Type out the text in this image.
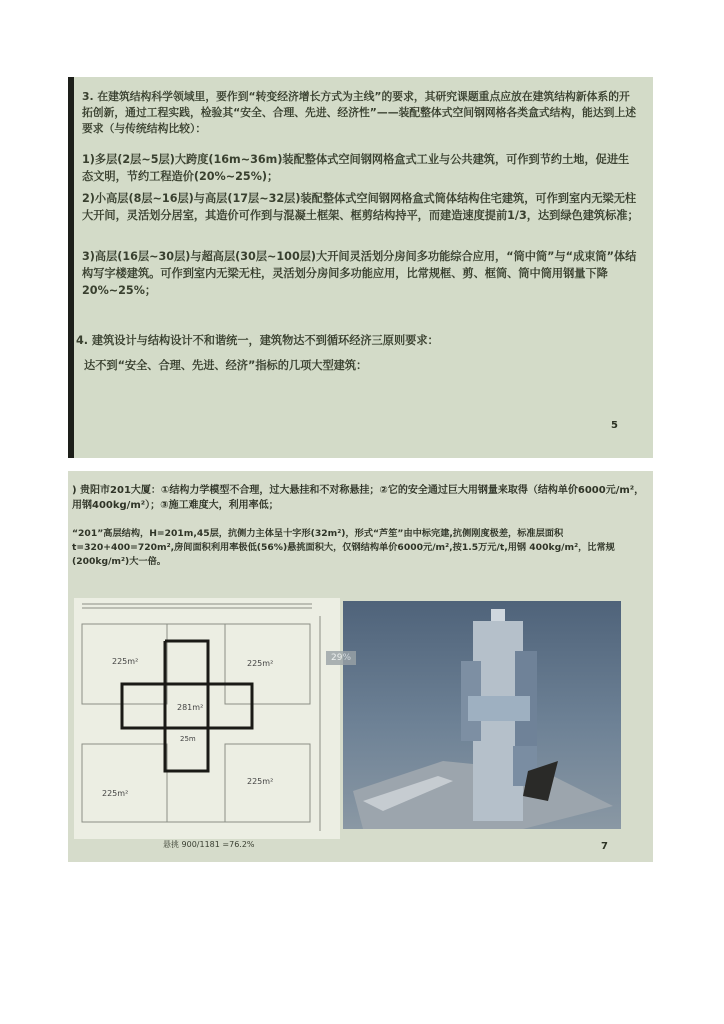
3. 在建筑结构科学领域里，要作到“转变经济增长方式为主线”的要求，其研究课题重点应放在建筑结构新体系的开拓创新，通过工程实践，检验其“安全、合理、先进、经济性”——装配整体式空间钢网格各类盒式结构，能达到上述要求（与传统结构比较）：
1)多层(2层~5层)大跨度(16m~36m)装配整体式空间钢网格盒式工业与公共建筑，可作到节约土地，促进生态文明，节约工程造价(20%~25%)；
2)小高层(8层~16层)与高层(17层~32层)装配整体式空间钢网格盒式筒体结构住宅建筑，可作到室内无梁无柱大开间，灵活划分居室，其造价可作到与混凝土框架、框剪结构持平，而建造速度提前1/3，达到绿色建筑标准；
3)高层(16层~30层)与超高层(30层~100层)大开间灵活划分房间多功能综合应用，“筒中筒”与“成束筒”体结构写字楼建筑。可作到室内无梁无柱，灵活划分房间多功能应用，比常规框、剪、框筒、筒中筒用钢量下降20%~25%；
4. 建筑设计与结构设计不和谐统一，建筑物达不到循环经济三原则要求：
达不到“安全、合理、先进、经济”指标的几项大型建筑：
5
) 贵阳市201大厦：①结构力学模型不合理，过大悬挂和不对称悬挂；②它的安全通过巨大用钢量来取得（结构单价6000元/m²，用钢400kg/m²）；③施工难度大，利用率低；
“201”高层结构，H=201m,45层，抗侧力主体呈十字形(32m²)，形式“芦笙”由中标完建,抗侧刚度极差，标准层面积 t=320+400=720m²,房间面积利用率极低(56%)悬挑面积大，仅钢结构单价6000元/m²,按1.5万元/t,用钢 400kg/m²，比常规(200kg/m²)大一倍。
225m²	225m²
225m²
225m²
281m²
25m
29%
悬挑 900/1181 =76.2%	7
